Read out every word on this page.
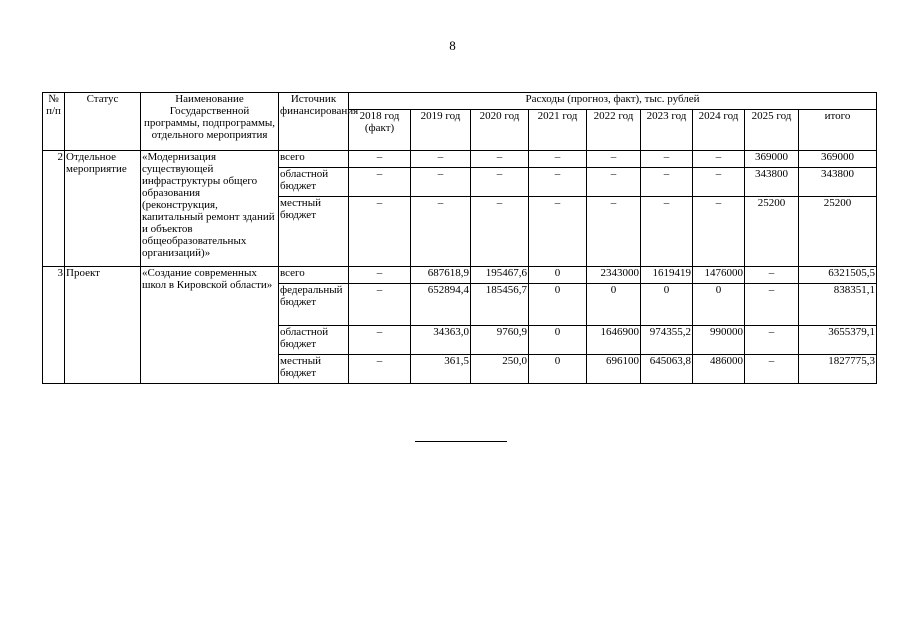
8
№ п/п	Статус	Наименование Государственной программы, подпрограммы, отдельного мероприятия	Источник финансирования	Расходы (прогноз, факт), тыс. рублей								
				2018 год (факт)	2019 год	2020 год	2021 год	2022 год	2023 год	2024 год	2025 год	итого
2	Отдельное мероприятие	«Модернизация существующей инфраструктуры общего образования (реконструкция, капитальный ремонт зданий и объектов общеобразовательных организаций)»	всего	–	–	–	–	–	–	–	369000	369000
			областной бюджет	–	–	–	–	–	–	–	343800	343800
			местный бюджет	–	–	–	–	–	–	–	25200	25200
3	Проект	«Создание современных школ в Кировской области»	всего	–	687618,9	195467,6	0	2343000	1619419	1476000	–	6321505,5
			федеральный бюджет	–	652894,4	185456,7	0	0	0	0	–	838351,1
			областной бюджет	–	34363,0	9760,9	0	1646900	974355,2	990000	–	3655379,1
			местный бюджет	–	361,5	250,0	0	696100	645063,8	486000	–	1827775,3
